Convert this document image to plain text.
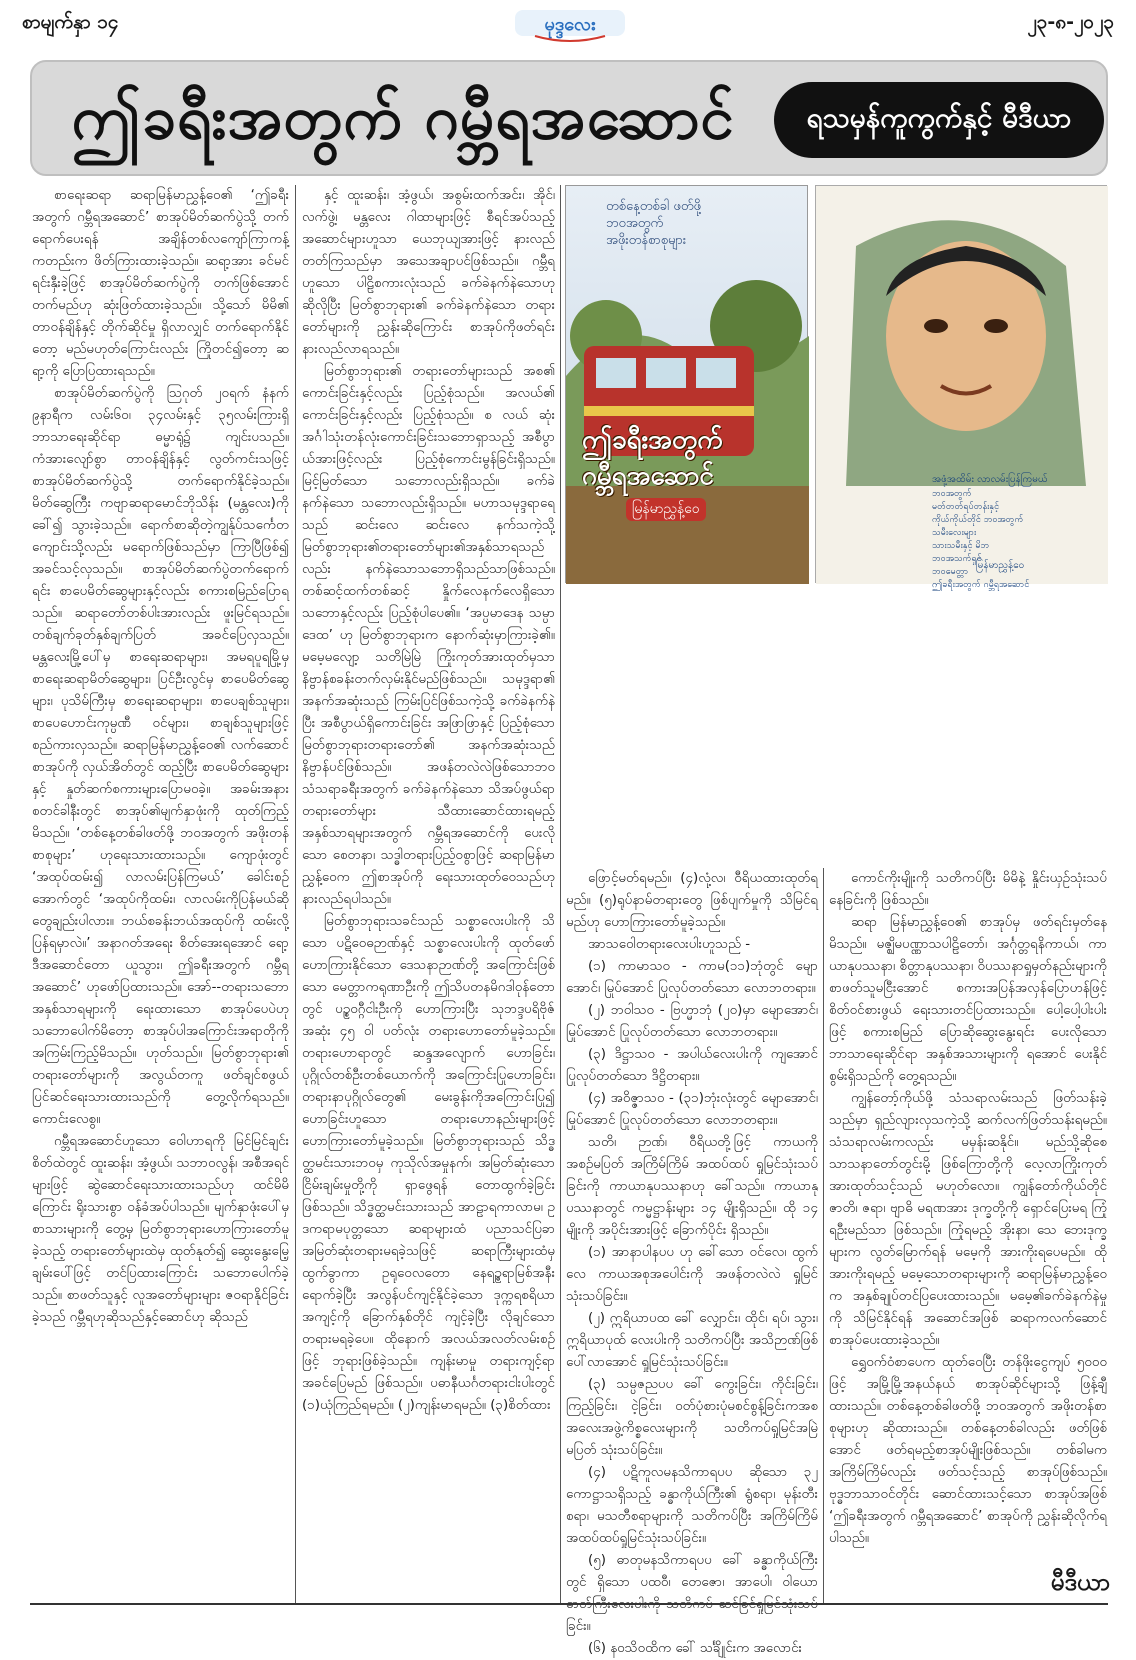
စာမျက်နှာ ၁၄	မုဒ္ဒလေး	၂၃-၈-၂၀၂၃
ဤခရီးအတွက် ဂမ္ဘီရအဆောင်	ရသမှန်ကူကွက်နှင့် မီဒီယာ

စာရေးဆရာ ဆရာမြန်မာညွှန့်ဝေ၏ ‘ဤခရီးအတွက် ဂမ္ဘီရအဆောင်’ စာအုပ်မိတ်ဆက်ပွဲသို့ တက်ရောက်ပေးရန် အချိန်တစ်လကျော်ကြာကန့်ကတည်းက ဖိတ်ကြားထားခဲ့သည်။ ဆရာ့အား ခင်မင်ရင်းနှီးခဲ့ဖြင့် စာအုပ်မိတ်ဆက်ပွဲကို တက်ဖြစ်အောင် တက်မည်ဟု ဆုံးဖြတ်ထားခဲ့သည်။ သို့သော် မိမိ၏ တာဝန်ချိန်နှင့် တိုက်ဆိုင်မှု ရှိလာလျှင် တက်ရောက်နိုင်တော့ မည်မဟုတ်ကြောင်းလည်း ကြိုတင်၍တော့ ဆရာ့ကို ပြောပြထားရသည်။

စာအုပ်မိတ်ဆက်ပွဲကို ဩဂုတ် ၂၀ရက် နံနက် ၉နာရီက လမ်း၆၀၊ ၃၄လမ်းနှင့် ၃၅လမ်းကြားရှိ ဘာသာရေးဆိုင်ရာ ဓမ္မာရုံ၌ ကျင်းပသည်။ ကံအားလျော်စွာ တာဝန်ချိန်နှင့် လွတ်ကင်းသဖြင့် စာအုပ်မိတ်ဆက်ပွဲသို့ တက်ရောက်နိုင်ခဲ့သည်။ မိတ်ဆွေကြီး ကဗျာဆရာမောင်ဘိုသိန်း (မန္တလေး)ကိုခေါ်၍ သွားခဲ့သည်။ ရောက်စာဆိုတဲ့ကျွန်ုပ်သင်္ကေတ ကျောင်းသို့လည်း မရောက်ဖြစ်သည်မှာ ကြာပြီဖြစ်၍ အခင်သင့်လှသည်။ စာအုပ်မိတ်ဆက်ပွဲတက်ရောက်ရင်း စာပေမိတ်ဆွေများနှင့်လည်း စကားစမြည်ပြောရသည်။ ဆရာတော်တစ်ပါးအားလည်း ဖူးမြင်ရသည်။ တစ်ချက်ခုတ်နှစ်ချက်ပြတ် အခင်ပြေလှသည်။ မန္တလေးမြို့ပေါ်မှ စာရေးဆရာများ၊ အမရပူရမြို့မှ စာရေးဆရာမိတ်ဆွေများ၊ ပြင်ဦးလွင်မှ စာပေမိတ်ဆွေများ၊ ပုသိမ်ကြီးမှ စာရေးဆရာများ၊ စာပေချစ်သူများ၊ စာပေဟောင်းကုမ္ပဏီ ဝင်များ၊ စာချစ်သူများဖြင့် စည်ကားလှသည်။ ဆရာမြန်မာညွှန့်ဝေ၏ လက်ဆောင်စာအုပ်ကို လှယ်အိတ်တွင် ထည့်ပြီး စာပေမိတ်ဆွေများနှင့် နှုတ်ဆက်စကားများပြောမဝခဲ့။ အခမ်းအနား စတင်ခါနီးတွင် စာအုပ်၏မျက်နှာဖုံးကို ထုတ်ကြည့်မိသည်။ ‘တစ်နေ့တစ်ခါဖတ်ဖို့ ဘဝအတွက် အဖိုးတန်စာစုများ’ ဟုရေးသားထားသည်။ ကျောဖုံးတွင် ‘အထုပ်ထမ်း၍ လာလမ်းပြန်ကြမယ်’ ခေါင်းစဉ်အောက်တွင် ‘အထုပ်ကိုထမ်း၊ လာလမ်းကိုပြန်မယ်ဆိုတွေချည်းပါလား။ ဘယ်စခန်းဘယ်အထုပ်ကို ထမ်းလို့ပြန်ရမှာလဲ။’ အနာဂတ်အရေး စိတ်အေးရအောင် ရော့ ဒီအဆောင်တော ယူသွား၊ ဤခရီးအတွက် ဂမ္ဘီရအဆောင်’ ဟုဖော်ပြထားသည်။ အော်--တရားသဘောအနှစ်သာရများကို ရေးထားသော စာအုပ်ပေပဲဟု သဘောပေါက်မိတော့ စာအုပ်ပါအကြောင်းအရာတိုကို အကြမ်းကြည့်မိသည်။ ဟုတ်သည်။ မြတ်စွာဘုရား၏ တရားတော်များကို အလွယ်တကူ ဖတ်ချင်စဖွယ် ပြင်ဆင်ရေးသားထားသည်ကို တွေ့လိုက်ရသည်။ ကောင်းလေစွ။

ဂမ္ဘီရအဆောင်ဟူသော ဝေါဟာရကို မြင်မြင်ချင်း စိတ်ထဲတွင် ထူးဆန်း၊ အံ့ဖွယ်၊ သဘာဝလွန်၊ အစီအရင်များဖြင့် ဆွဲဆောင်ရေးသားထားသည်ဟု ထင်မိမိကြောင်း ရိုးသားစွာ ဝန်ခံအပ်ပါသည်။ မျက်နှာဖုံးပေါ်မှစာသားများကို တွေ့မှ မြတ်စွာဘုရားဟောကြားတော်မူခဲ့သည့် တရားတော်များထဲမှ ထုတ်နုတ်၍ ဆွေးနွေးမြေ့ချမ်းပေါ်ဖြင့် တင်ပြထားကြောင်း သဘောပေါက်ခဲ့သည်။ စာဖတ်သူနှင့် လူအတော်များများ ဇဝရာနိုင်ခြင်းခဲ့သည် ဂမ္ဘီရဟုဆိုသည်နှင့်ဆောင်ဟု ဆိုသည်

နှင့် ထူးဆန်း၊ အံ့ဖွယ်၊ အစွမ်းထက်အင်း၊ အိုင်၊ လက်ဖွဲ့၊ မန္တလေး ဂါထာများဖြင့် စီရင်အပ်သည့် အဆောင်များဟူသာ ယေဘုယျအားဖြင့် နားလည်တတ်ကြသည်မှာ အသေအချာပင်ဖြစ်သည်။ ဂမ္ဘီရဟူသော ပါဠိစကားလုံးသည် ခက်ခဲနက်နဲသောဟု ဆိုလိုပြီး မြတ်စွာဘုရား၏ ခက်ခဲနက်နဲသော တရားတော်များကို ညွှန်းဆိုကြောင်း စာအုပ်ကိုဖတ်ရင်း နားလည်လာရသည်။

မြတ်စွာဘုရား၏ တရားတော်များသည် အစ၏ ကောင်းခြင်းနှင့်လည်း ပြည့်စုံသည်။ အလယ်၏ ကောင်းခြင်းနှင့်လည်း ပြည့်စုံသည်။ စ လယ် ဆုံး အင်္ဂါသုံးတန်လုံးကောင်းခြင်းသဘောရှာသည့် အစီပွာယ်အားဖြင့်လည်း ပြည့်စုံကောင်းမွန်ခြင်းရှိသည်။ မြင့်မြတ်သော သဘောလည်းရှိသည်။ ခက်ခဲနက်နဲသော သဘောလည်းရှိသည်။ မဟာသမုဒ္ဒရာရေသည် ဆင်းလေ ဆင်းလေ နက်သကဲ့သို့ မြတ်စွာဘုရား၏တရားတော်များ၏အနှစ်သာရသည်လည်း နက်နဲသောသဘောရှိသည်သာဖြစ်သည်။ တစ်ဆင့်ထက်တစ်ဆင့် နှိုက်လေနက်လေရှိသော သဘောနှင့်လည်း ပြည့်စုံပါပေ၏။ ‘အပ္ပမာဒေန သမ္ပာဒေထ’ ဟု မြတ်စွာဘုရားက နောက်ဆုံးမှာကြားခဲ့၏။ မမေ့မလျော့ သတိမြဲမြဲ ကြိုးကုတ်အားထုတ်မှသာ နိဗ္ဗာန်စခန်းတက်လှမ်းနိုင်မည်ဖြစ်သည်။ သမုဒ္ဒရာ၏ အနက်အဆုံးသည် ကြမ်းပြင်ဖြစ်သကဲ့သို့ ခက်ခဲနက်နဲပြီး အစီပွာယ်ရှိကောင်းခြင်း အဖြာဖြာနှင့် ပြည့်စုံသော မြတ်စွာဘုရားတရားတော်၏ အနက်အဆုံးသည် နိဗ္ဗာန်ပင်ဖြစ်သည်။ အဖန်တလဲလဲဖြစ်သောဘဝသံသရာခရီးအတွက် ခက်ခဲနက်နဲသော သိအပ်ဖွယ်ရာ တရားတော်များ သီထားဆောင်ထားရမည့် အနှစ်သာရများအတွက် ဂမ္ဘီရအဆောင်ကို ပေးလိုသော စေတနာ၊ သဒ္ဓါတရားပြည့်ဝစွာဖြင့် ဆရာမြန်မာညွှန့်ဝေက ဤစာအုပ်ကို ရေးသားထုတ်ဝေသည်ဟု နားလည်ရပါသည်။

မြတ်စွာဘုရားသခင်သည် သစ္စာလေးပါးကို သိသော ပဋိဝေဓဉာဏ်နှင့် သစ္စာလေးပါးကို ထုတ်ဖော်ဟောကြားနိုင်သော ဒေသနာဉာဏ်တို့ အကြောင်းဖြစ်သော မေတ္တာကရုဏာဦးကို ဤသိပတနမိဂဒါဝုန်တောတွင် ပဥ္စဝဂ္ဂီငါးဦးကို ဟောကြားပြီး သုဘဒ္ဒပရိဗိုဇ်အဆုံး ၄၅ ဝါ ပတ်လုံး တရားဟောတော်မူခဲ့သည်။ တရားဟောရာတွင် ဆန္ဒအလျောက် ဟောခြင်း၊ ပုဂ္ဂိုလ်တစ်ဦးတစ်ယောက်ကို အကြောင်းပြုဟောခြင်း၊ တရားနာပုဂ္ဂိုလ်တွေ၏ မေးခွန်းကိုအကြောင်းပြု၍ ဟောခြင်းဟူသော တရားဟောနည်းများဖြင့် ဟောကြားတော်မူခဲ့သည်။ မြတ်စွာဘုရားသည် သိဒ္ဓတ္ထမင်းသားဘဝမှ ကုသိုလ်အမှုနက်၊ အမြတ်ဆုံးသော ငြိမ်းချမ်းမှုတို့ကို ရှာဖွေရန် တောထွက်ခဲ့ခြင်းဖြစ်သည်။ သိဒ္ဓတ္ထမင်းသားသည် အာဠာရကာလာမ၊ ဥဒကရာမပုတ္တသော ဆရာများထံ ပညာသင်ပြခာ အမြတ်ဆုံးတရားမရခဲ့သဖြင့် ဆရာကြီးများထံမှ ထွက်ခွာကာ ဥရုဝေလတော နေရဥ္စရာမြစ်အနီး ရောက်ခဲ့ပြီး အလွန်ပင်ကျင့်နိုင်ခဲ့သော ဒုက္ကရစရိယာအကျင့်ကို ခြောက်နှစ်တိုင် ကျင့်ခဲ့ပြီး လိုချင်သော တရားမရခဲ့ပေ။ ထိုနောက် အလယ်အလတ်လမ်းစဉ်ဖြင့် ဘုရားဖြစ်ခဲ့သည်။ ကျန်းမာမှု တရားကျင့်ရာ အခင်ပြေမည် ဖြစ်သည်။ ပဓာနီယင်္ဂတရားငါးပါးတွင် (၁)ယုံကြည်ရမည်။ (၂)ကျန်းမာရမည်။ (၃)စိတ်ထား

တစ်နေ့တစ်ခါ ဖတ်ဖို့
ဘဝအတွက်
အဖိုးတန်စာစုများ
ဤခရီးအတွက်
ဂမ္ဘီရအဆောင်
မြန်မာညွှန့်ဝေ
အဖုံ့အထိမ်း လာလမ်းပြန်ကြမယ်
ဘဝအတွက်
မတ်တတ်ရပ်တန်းနှင့်
ကိုယ်ကိုယ်တိုင် ဘဝအတွက်
သမီးလေးများ
သားသမီးနှင့် မိဘ
ဘဝအသက်ရှင်
ဘဝမေတ္တာ
ဤခရီးအတွက် ဂမ္ဘီရအဆောင်
မြန်မာညွှန့်ဝေ

ဖြောင့်မတ်ရမည်။ (၄)လုံ့လ၊ ဝီရိယထားထုတ်ရမည်။ (၅)ရုပ်နာမ်တရားတွေ ဖြစ်ပျက်မှုကို သိမြင်ရမည်ဟု ဟောကြားတော်မူခဲ့သည်။

အာသဝေါတရားလေးပါးဟူသည် -

(၁) ကာမာသဝ - ကာမ(၁၁)ဘုံတွင် မျောအောင်၊ မြုပ်အောင် ပြုလုပ်တတ်သော လောဘတရား။

(၂) ဘဝါသဝ - ဗြဟ္မာဘုံ (၂၀)မှာ မျောအောင်၊ မြုပ်အောင် ပြုလုပ်တတ်သော လောဘတရား။

(၃) ဒိဋ္ဌာသဝ - အပါယ်လေးပါးကို ကျအောင် ပြုလုပ်တတ်သော ဒိဋ္ဌိတရား။

(၄) အဝိဇ္ဇာသဝ - (၃၁)ဘုံးလုံးတွင် မျောအောင်၊ မြုပ်အောင် ပြုလုပ်တတ်သော လောဘတရား။

သတိ၊ ဉာဏ်၊ ဝီရိယတို့ဖြင့် ကာယကို အစဉ်မပြတ် အကြိမ်ကြိမ် အထပ်ထပ် ရှုမြင်သုံးသပ်ခြင်းကို ကာယာနုပဿနာဟု ခေါ်သည်။ ကာယာနုပဿနာတွင် ကမ္မဋ္ဌာန်းများ ၁၄ မျိုးရှိသည်။ ထို ၁၄ မျိုးကို အပိုင်းအားဖြင့် ခြောက်ပိုင်း ရှိသည်။

(၁) အာနာပါနပပ ဟု ခေါ်သော ဝင်လေ၊ ထွက်လေ ကာယအစုအပေါင်းကို အဖန်တလဲလဲ ရှုမြင်သုံးသပ်ခြင်း။

(၂) ဣရိယာပထ ခေါ် လျှောင်း၊ ထိုင်၊ ရပ်၊ သွား၊ ဣရိယာပုထ် လေးပါးကို သတိကပ်ပြီး အသိဉာဏ်ဖြစ်ပေါ်လာအောင် ရှုမြင်သုံးသပ်ခြင်း။

(၃) သမ္ပဇညပပ ခေါ် ကွေးခြင်း၊ ကိုင်းခြင်း၊ ကြည့်ခြင်း၊ ငဲ့ခြင်း၊ ဝတ်ပုံစားပုံမစင်စွန့်ခြင်းကအစ အလေးအဖွဲ့ကိစ္စလေးများကို သတိကပ်ရှုမြင်အမြဲမပြတ် သုံးသပ်ခြင်း။

(၄) ပဋိကူလမနသိကာရပပ ဆိုသော ၃၂ ကောဋ္ဌာသရှိသည့် ခန္ဓာကိုယ်ကြီး၏ ရွံစရာ၊ မုန်းတီးစရာ၊ မသတီစရာများကို သတိကပ်ပြီး အကြိမ်ကြိမ် အထပ်ထပ်ရှုမြင်သုံးသပ်ခြင်း။

(၅) ဓာတုမနသိကာရပပ ခေါ် ခန္ဓာကိုယ်ကြီးတွင် ရှိသော ပထဝီ၊ တေဇော၊ အာပေါ၊ ဝါယော ခြင်း။

(၆) နဝသိဝထိက ခေါ် သင်္ချိုင်းက အလောင်း

ကောင်ကိုးမျိုးကို သတိကပ်ပြီး မိမိနဲ့ နှိုင်းယှဉ်သုံးသပ်နေခြင်းကို ဖြစ်သည်။

ဆရာ မြန်မာညွှန့်ဝေ၏ စာအုပ်မှ ဖတ်ရင်းမှတ်နေမိသည်။ မဇ္ဈိမပဏ္ဏာသပါဠိတော်၊ အင်္ဂုတ္တရနိကာယ်၊ ကာယာနုပဿနာ၊ စိတ္တာနုပဿနာ၊ ဝိပဿနာရှုမှတ်နည်းများကို စာဖတ်သူမငြီးအောင် စကားအပြန်အလှန်ပြောဟန်ဖြင့် စိတ်ဝင်စားဖွယ် ရေးသားတင်ပြထားသည်။ ပေါ့ပေါ့ပါးပါးဖြင့် စကားစမြည် ပြောဆိုဆွေးနွေးရင်း ပေးလိုသော ဘာသာရေးဆိုင်ရာ အနှစ်အသားများကို ရအောင် ပေးနိုင်စွမ်းရှိသည်ကို တွေ့ရသည်။

ကျွန်တော့်ကိုယ်ဖို့ သံသရာလမ်းသည် ဖြတ်သန်းခဲ့သည်မှာ ရှည်လျားလှသကဲ့သို့ ဆက်လက်ဖြတ်သန်းရမည်။ သံသရာလမ်းကလည်း မမှန်းဆနိုင်။ မည်သို့ဆိုစေ သာသနာတော်တွင်းမို့ ဖြစ်ကြောတို့ကို လေ့လာကြိုးကုတ်အားထုတ်သင့်သည် မဟုတ်လော။ ကျွန်တော်ကိုယ်တိုင် ဇာတိ၊ ဇရာ၊ ဗျာဓိ မရဏအား ဒုက္ခတို့ကို ရှောင်ပြေးမရ ကြုံရဦးမည်သာ ဖြစ်သည်။ ကြုံရမည့် အိုးနာ၊ သေ ဘေးဒုက္ခများက လွတ်မြောက်ရန် မမေ့ကို အားကိုးရပေမည်။ ထိုအားကိုးရမည့် မမေ့သောတရားများကို ဆရာမြန်မာညွှန့်ဝေက အနှစ်ချုပ်တင်ပြပေးထားသည်။ မမေ့၏ခက်ခဲနက်နဲမှုကို သိမြင်နိုင်ရန် အဆောင်အဖြစ် ဆရာကလက်ဆောင်စာအုပ်ပေးထားခဲ့သည်။

ရွှေဝက်ဝံစာပေက ထုတ်ဝေပြီး တန်ဖိုးငွေကျပ် ၅၀၀၀ ဖြင့် အမြို့မြို့အနယ်နယ် စာအုပ်ဆိုင်များသို့ ဖြန့်ချီထားသည်။ တစ်နေ့တစ်ခါဖတ်ဖို့ ဘဝအတွက် အဖိုးတန်စာစုများဟု ဆိုထားသည်။ တစ်နေ့တစ်ခါလည်း ဖတ်ဖြစ်အောင် ဖတ်ရမည့်စာအုပ်မျိုးဖြစ်သည်။ တစ်ခါမက အကြိမ်ကြိမ်လည်း ဖတ်သင့်သည့် စာအုပ်ဖြစ်သည်။ ဗုဒ္ဓဘာသာဝင်တိုင်း ဆောင်ထားသင့်သော စာအုပ်အဖြစ် ‘ဤခရီးအတွက် ဂမ္ဘီရအဆောင်’ စာအုပ်ကို ညွှန်းဆိုလိုက်ရပါသည်။

မီဒီယာ
